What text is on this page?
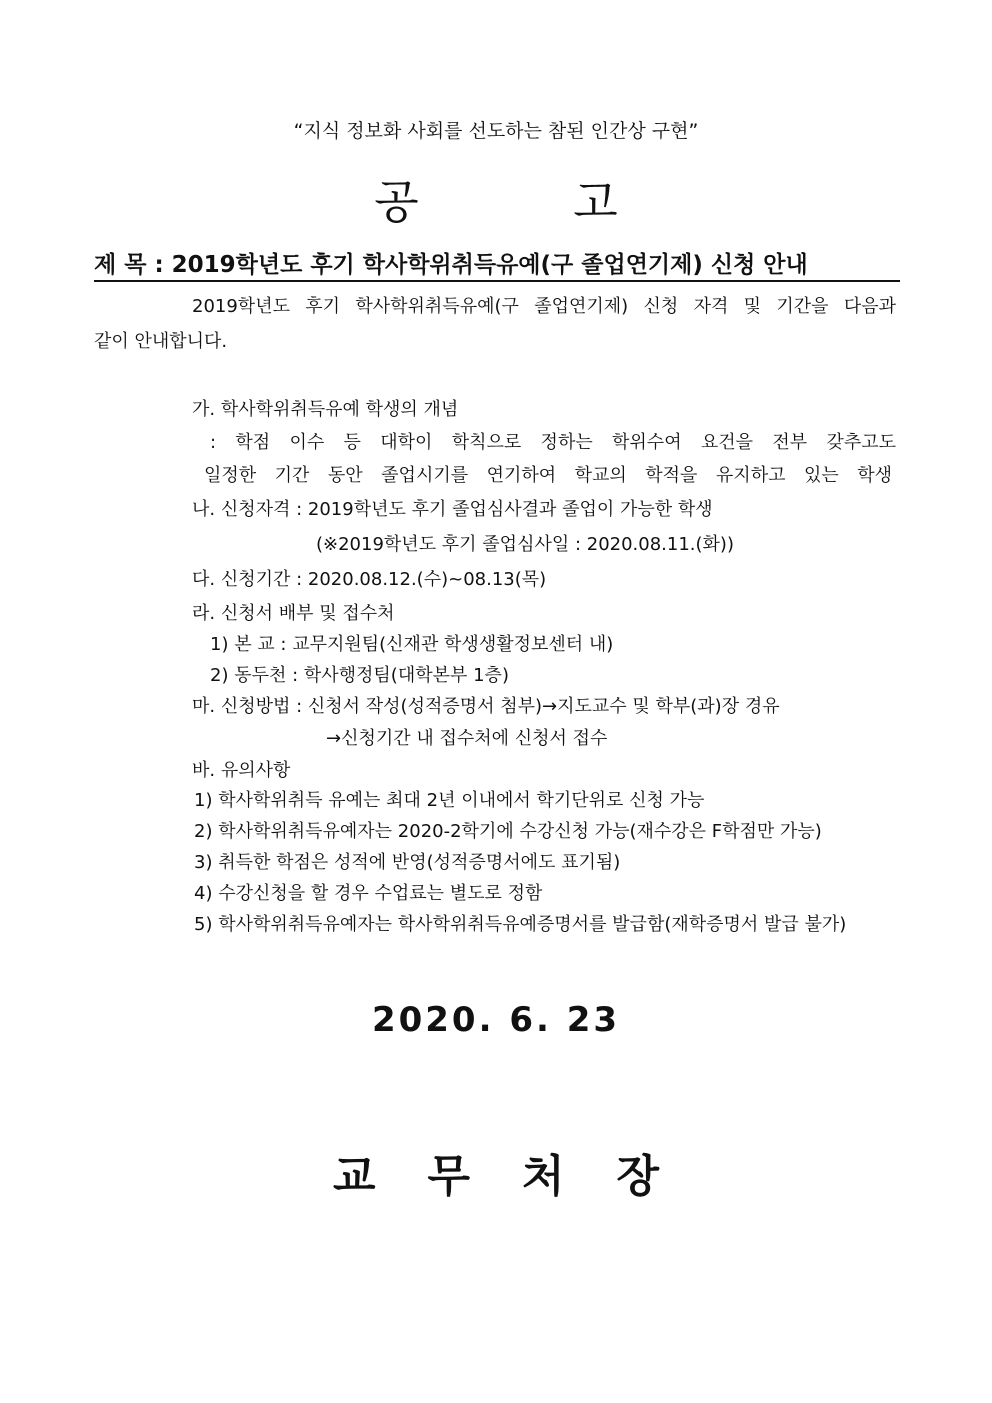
“지식 정보화 사회를 선도하는 참된 인간상 구현”
공 고
제 목 : 2019학년도 후기 학사학위취득유예(구 졸업연기제) 신청 안내
2019학년도 후기 학사학위취득유예(구 졸업연기제) 신청 자격 및 기간을 다음과
같이 안내합니다.
가. 학사학위취득유예 학생의 개념
: 학점 이수 등 대학이 학칙으로 정하는 학위수여 요건을 전부 갖추고도
일정한 기간 동안 졸업시기를 연기하여 학교의 학적을 유지하고 있는 학생
나. 신청자격 : 2019학년도 후기 졸업심사결과 졸업이 가능한 학생
(※2019학년도 후기 졸업심사일 : 2020.08.11.(화))
다. 신청기간 : 2020.08.12.(수)~08.13(목)
라. 신청서 배부 및 접수처
1) 본 교 : 교무지원팀(신재관 학생생활정보센터 내)
2) 동두천 : 학사행정팀(대학본부 1층)
마. 신청방법 : 신청서 작성(성적증명서 첨부)→지도교수 및 학부(과)장 경유
→신청기간 내 접수처에 신청서 접수
바. 유의사항
1) 학사학위취득 유예는 최대 2년 이내에서 학기단위로 신청 가능
2) 학사학위취득유예자는 2020-2학기에 수강신청 가능(재수강은 F학점만 가능)
3) 취득한 학점은 성적에 반영(성적증명서에도 표기됨)
4) 수강신청을 할 경우 수업료는 별도로 정함
5) 학사학위취득유예자는 학사학위취득유예증명서를 발급함(재학증명서 발급 불가)
2020. 6. 23
교무처장
